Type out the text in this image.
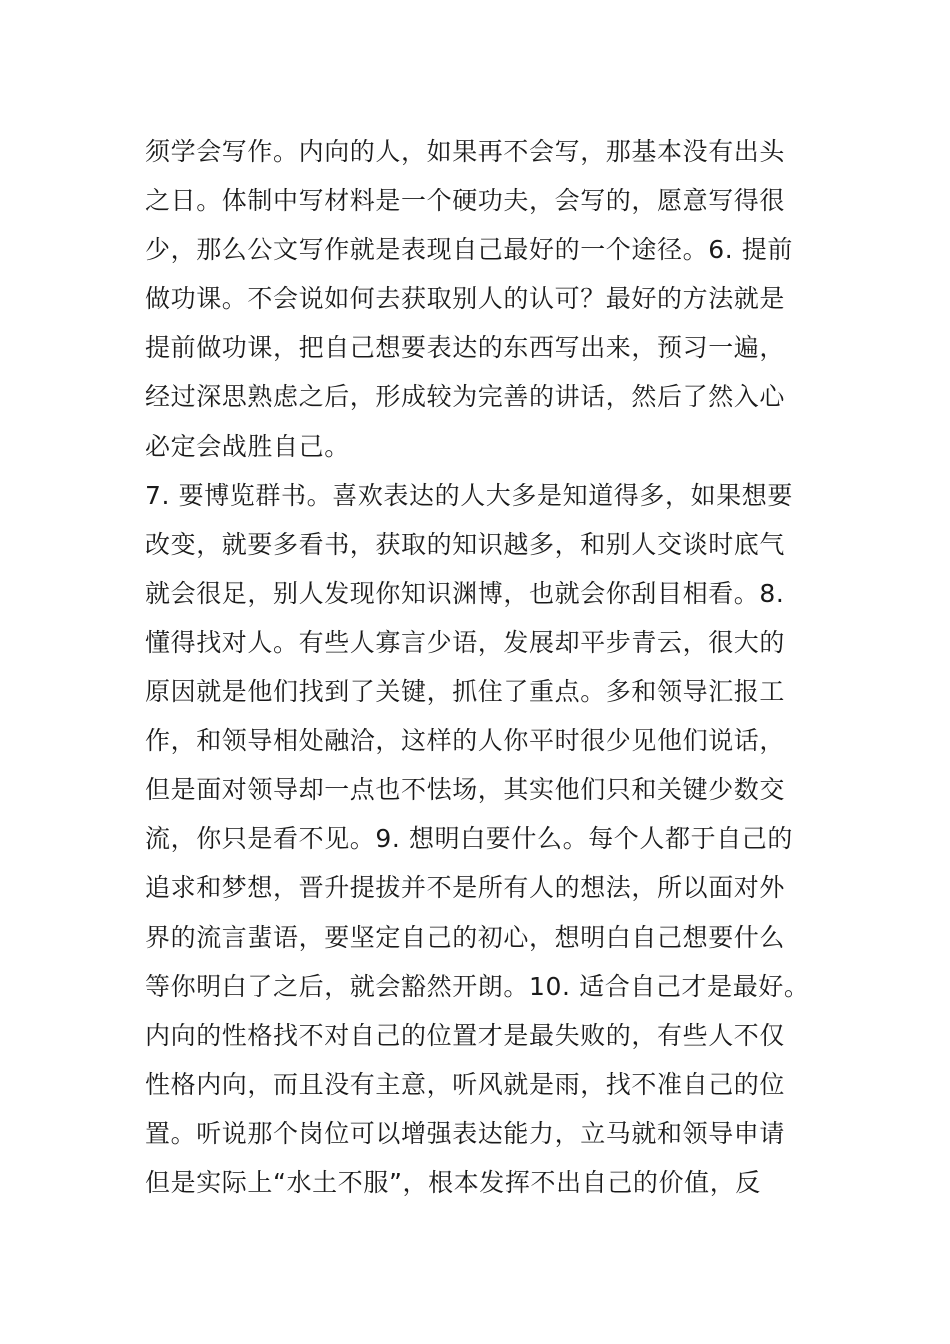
须学会写作。内向的人，如果再不会写，那基本没有出头
之日。体制中写材料是一个硬功夫，会写的，愿意写得很
少，那么公文写作就是表现自己最好的一个途径。6. 提前
做功课。不会说如何去获取别人的认可？最好的方法就是
提前做功课，把自己想要表达的东西写出来，预习一遍，
经过深思熟虑之后，形成较为完善的讲话，然后了然入心
必定会战胜自己。
7. 要博览群书。喜欢表达的人大多是知道得多，如果想要
改变，就要多看书，获取的知识越多，和别人交谈时底气
就会很足，别人发现你知识渊博，也就会你刮目相看。8.
懂得找对人。有些人寡言少语，发展却平步青云，很大的
原因就是他们找到了关键，抓住了重点。多和领导汇报工
作，和领导相处融洽，这样的人你平时很少见他们说话，
但是面对领导却一点也不怯场，其实他们只和关键少数交
流，你只是看不见。9. 想明白要什么。每个人都于自己的
追求和梦想，晋升提拔并不是所有人的想法，所以面对外
界的流言蜚语，要坚定自己的初心，想明白自己想要什么
等你明白了之后，就会豁然开朗。10. 适合自己才是最好。
内向的性格找不对自己的位置才是最失败的，有些人不仅
性格内向，而且没有主意，听风就是雨，找不准自己的位
置。听说那个岗位可以增强表达能力，立马就和领导申请
但是实际上“水土不服”，根本发挥不出自己的价值，反
